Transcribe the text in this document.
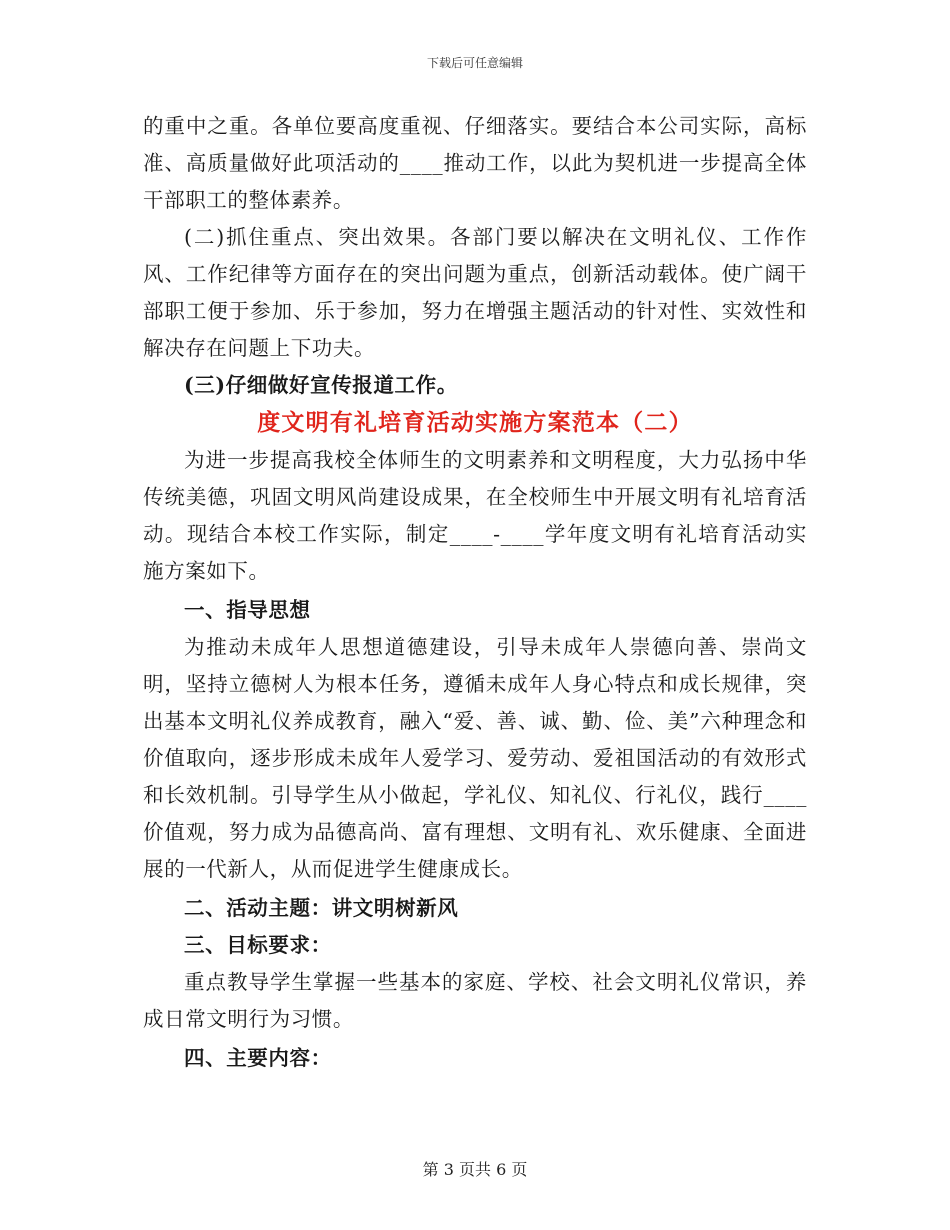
下载后可任意编辑

的重中之重。各单位要高度重视、仔细落实。要结合本公司实际，高标准、高质量做好此项活动的____推动工作，以此为契机进一步提高全体干部职工的整体素养。

(二)抓住重点、突出效果。各部门要以解决在文明礼仪、工作作风、工作纪律等方面存在的突出问题为重点，创新活动载体。使广阔干部职工便于参加、乐于参加，努力在增强主题活动的针对性、实效性和解决存在问题上下功夫。

(三)仔细做好宣传报道工作。

度文明有礼培育活动实施方案范本（二）

为进一步提高我校全体师生的文明素养和文明程度，大力弘扬中华传统美德，巩固文明风尚建设成果，在全校师生中开展文明有礼培育活动。现结合本校工作实际，制定____-____学年度文明有礼培育活动实施方案如下。

一、指导思想

为推动未成年人思想道德建设，引导未成年人崇德向善、崇尚文明，坚持立德树人为根本任务，遵循未成年人身心特点和成长规律，突出基本文明礼仪养成教育，融入“爱、善、诚、勤、俭、美”六种理念和价值取向，逐步形成未成年人爱学习、爱劳动、爱祖国活动的有效形式和长效机制。引导学生从小做起，学礼仪、知礼仪、行礼仪，践行____价值观，努力成为品德高尚、富有理想、文明有礼、欢乐健康、全面进展的一代新人，从而促进学生健康成长。

二、活动主题：讲文明树新风

三、目标要求：

重点教导学生掌握一些基本的家庭、学校、社会文明礼仪常识，养成日常文明行为习惯。

四、主要内容：

第 3 页共 6 页
